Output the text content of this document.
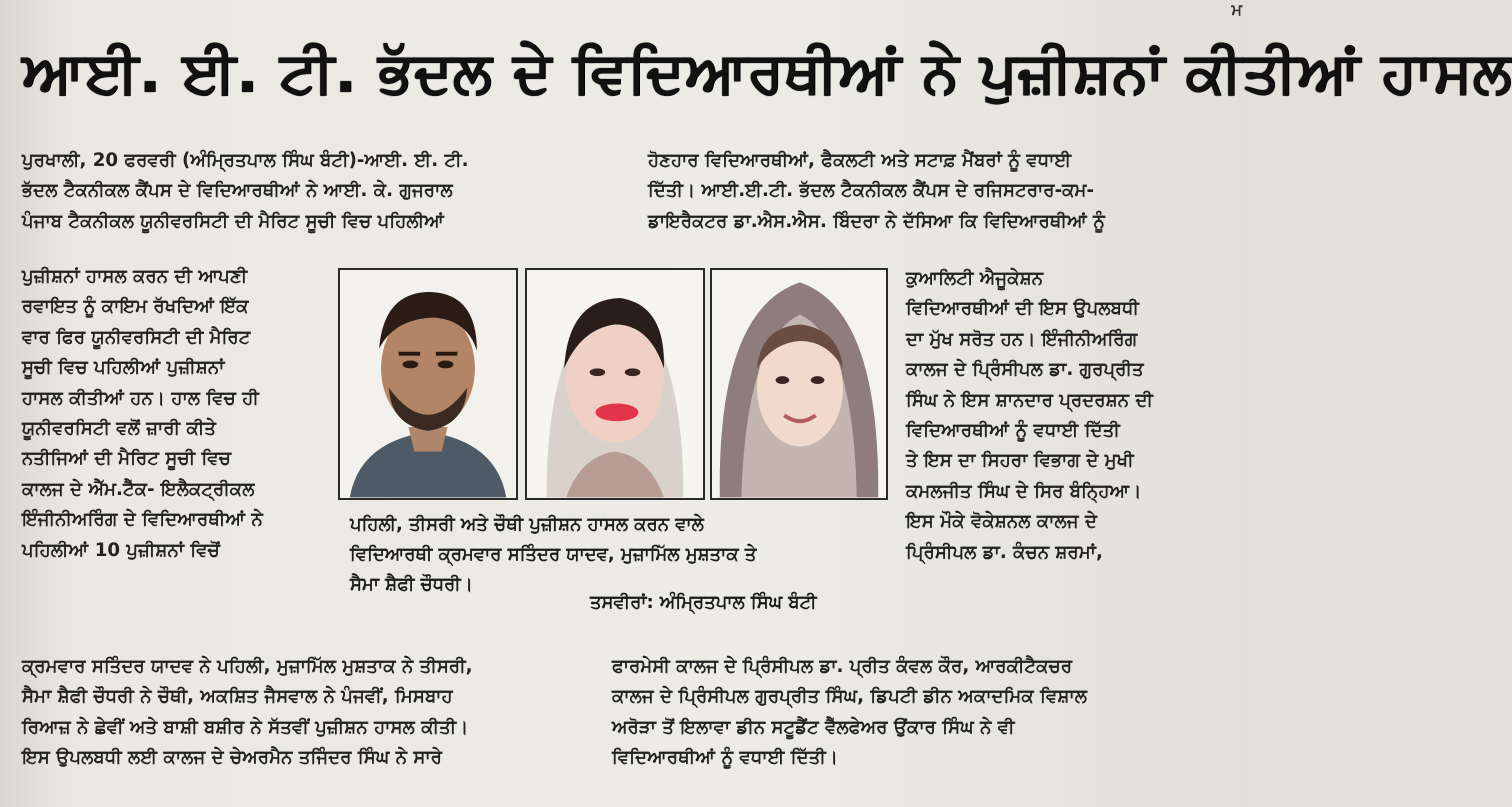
ਮ
ਆਈ. ਈ. ਟੀ. ਭੱਦਲ ਦੇ ਵਿਦਿਆਰਥੀਆਂ ਨੇ ਪੁਜ਼ੀਸ਼ਨਾਂ ਕੀਤੀਆਂ ਹਾਸਲ
ਪੁਰਖਾਲੀ, 20 ਫਰਵਰੀ (ਅੰਮ੍ਰਿਤਪਾਲ ਸਿੰਘ ਬੰਟੀ)-ਆਈ. ਈ. ਟੀ.
ਭੱਦਲ ਟੈਕਨੀਕਲ ਕੈਂਪਸ ਦੇ ਵਿਦਿਆਰਥੀਆਂ ਨੇ ਆਈ. ਕੇ. ਗੁਜਰਾਲ
ਪੰਜਾਬ ਟੈਕਨੀਕਲ ਯੂਨੀਵਰਸਿਟੀ ਦੀ ਮੈਰਿਟ ਸੂਚੀ ਵਿਚ ਪਹਿਲੀਆਂ
ਪੁਜ਼ੀਸ਼ਨਾਂ ਹਾਸਲ ਕਰਨ ਦੀ ਆਪਣੀ
ਰਵਾਇਤ ਨੂੰ ਕਾਇਮ ਰੱਖਦਿਆਂ ਇੱਕ
ਵਾਰ ਫਿਰ ਯੂਨੀਵਰਸਿਟੀ ਦੀ ਮੈਰਿਟ
ਸੂਚੀ ਵਿਚ ਪਹਿਲੀਆਂ ਪੁਜ਼ੀਸ਼ਨਾਂ
ਹਾਸਲ ਕੀਤੀਆਂ ਹਨ। ਹਾਲ ਵਿਚ ਹੀ
ਯੂਨੀਵਰਸਿਟੀ ਵਲੋਂ ਜ਼ਾਰੀ ਕੀਤੇ
ਨਤੀਜਿਆਂ ਦੀ ਮੈਰਿਟ ਸੂਚੀ ਵਿਚ
ਕਾਲਜ ਦੇ ਐੱਮ.ਟੈੱਕ- ਇਲੈਕਟ੍ਰੀਕਲ
ਇੰਜੀਨੀਅਰਿੰਗ ਦੇ ਵਿਦਿਆਰਥੀਆਂ ਨੇ
ਪਹਿਲੀਆਂ 10 ਪੁਜ਼ੀਸ਼ਨਾਂ ਵਿਚੋਂ
ਕ੍ਰਮਵਾਰ ਸਤਿੰਦਰ ਯਾਦਵ ਨੇ ਪਹਿਲੀ, ਮੁਜ਼ਾਮਿੱਲ ਮੁਸ਼ਤਾਕ ਨੇ ਤੀਸਰੀ,
ਸੈਮਾ ਸ਼ੈਫੀ ਚੌਧਰੀ ਨੇ ਚੌਥੀ, ਅਕਸ਼ਿਤ ਜੈਸਵਾਲ ਨੇ ਪੰਜਵੀਂ, ਮਿਸਬਾਹ
ਰਿਆਜ਼ ਨੇ ਛੇਵੀਂ ਅਤੇ ਬਾਸ਼ੀ ਬਸ਼ੀਰ ਨੇ ਸੱਤਵੀਂ ਪੁਜ਼ੀਸ਼ਨ ਹਾਸਲ ਕੀਤੀ।
ਇਸ ਉਪਲਬਧੀ ਲਈ ਕਾਲਜ ਦੇ ਚੇਅਰਮੈਨ ਤਜਿੰਦਰ ਸਿੰਘ ਨੇ ਸਾਰੇ
ਹੋਣਹਾਰ ਵਿਦਿਆਰਥੀਆਂ, ਫੈਕਲਟੀ ਅਤੇ ਸਟਾਫ਼ ਮੈਂਬਰਾਂ ਨੂੰ ਵਧਾਈ
ਦਿੱਤੀ। ਆਈ.ਈ.ਟੀ. ਭੱਦਲ ਟੈਕਨੀਕਲ ਕੈਂਪਸ ਦੇ ਰਜਿਸਟਰਾਰ-ਕਮ-
ਡਾਇਰੈਕਟਰ ਡਾ.ਐਸ.ਐਸ. ਬਿੰਦਰਾ ਨੇ ਦੱਸਿਆ ਕਿ ਵਿਦਿਆਰਥੀਆਂ ਨੂੰ
ਕੁਆਲਿਟੀ ਐਜੂਕੇਸ਼ਨ
ਵਿਦਿਆਰਥੀਆਂ ਦੀ ਇਸ ਉਪਲਬਧੀ
ਦਾ ਮੁੱਖ ਸਰੋਤ ਹਨ। ਇੰਜੀਨੀਅਰਿੰਗ
ਕਾਲਜ ਦੇ ਪ੍ਰਿੰਸੀਪਲ ਡਾ. ਗੁਰਪ੍ਰੀਤ
ਸਿੰਘ ਨੇ ਇਸ ਸ਼ਾਨਦਾਰ ਪ੍ਰਦਰਸ਼ਨ ਦੀ
ਵਿਦਿਆਰਥੀਆਂ ਨੂੰ ਵਧਾਈ ਦਿੱਤੀ
ਤੇ ਇਸ ਦਾ ਸਿਹਰਾ ਵਿਭਾਗ ਦੇ ਮੁਖੀ
ਕਮਲਜੀਤ ਸਿੰਘ ਦੇ ਸਿਰ ਬੰਨ੍ਹਿਆ।
ਇਸ ਮੌਕੇ ਵੋਕੇਸ਼ਨਲ ਕਾਲਜ ਦੇ
ਪ੍ਰਿੰਸੀਪਲ ਡਾ. ਕੰਚਨ ਸ਼ਰਮਾਂ,
ਫਾਰਮੇਸੀ ਕਾਲਜ ਦੇ ਪ੍ਰਿੰਸੀਪਲ ਡਾ. ਪ੍ਰੀਤ ਕੰਵਲ ਕੌਰ, ਆਰਕੀਟੈਕਚਰ
ਕਾਲਜ ਦੇ ਪ੍ਰਿੰਸੀਪਲ ਗੁਰਪ੍ਰੀਤ ਸਿੰਘ, ਡਿਪਟੀ ਡੀਨ ਅਕਾਦਮਿਕ ਵਿਸ਼ਾਲ
ਅਰੋੜਾ ਤੋਂ ਇਲਾਵਾ ਡੀਨ ਸਟੂਡੈਂਟ ਵੈੱਲਫੇਅਰ ਉਂਕਾਰ ਸਿੰਘ ਨੇ ਵੀ
ਵਿਦਿਆਰਥੀਆਂ ਨੂੰ ਵਧਾਈ ਦਿੱਤੀ।
ਪਹਿਲੀ, ਤੀਸਰੀ ਅਤੇ ਚੌਥੀ ਪੁਜ਼ੀਸ਼ਨ ਹਾਸਲ ਕਰਨ ਵਾਲੇ
ਵਿਦਿਆਰਥੀ ਕ੍ਰਮਵਾਰ ਸਤਿੰਦਰ ਯਾਦਵ, ਮੁਜ਼ਾਮਿੱਲ ਮੁਸ਼ਤਾਕ ਤੇ
ਸੈਮਾ ਸ਼ੈਫੀ ਚੌਧਰੀ।
ਤਸਵੀਰਾਂ: ਅੰਮ੍ਰਿਤਪਾਲ ਸਿੰਘ ਬੰਟੀ
